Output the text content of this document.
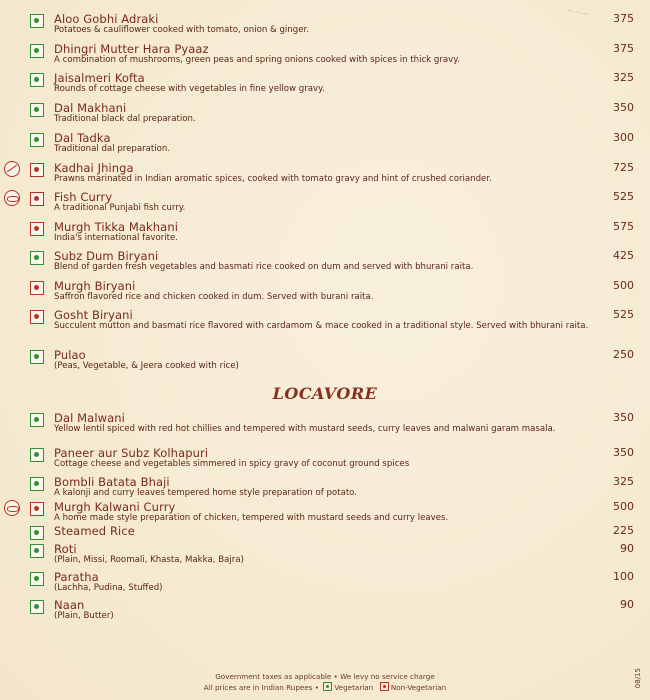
~~~
Aloo Gobhi Adraki
Potatoes & cauliflower cooked with tomato, onion & ginger.
375
Dhingri Mutter Hara Pyaaz
A combination of mushrooms, green peas and spring onions cooked with spices in thick gravy.
375
Jaisalmeri Kofta
Rounds of cottage cheese with vegetables in fine yellow gravy.
325
Dal Makhani
Traditional black dal preparation.
350
Dal Tadka
Traditional dal preparation.
300
Kadhai Jhinga
Prawns marinated in Indian aromatic spices, cooked with tomato gravy and hint of crushed coriander.
725
Fish Curry
A traditional Punjabi fish curry.
525
Murgh Tikka Makhani
India's international favorite.
575
Subz Dum Biryani
Blend of garden fresh vegetables and basmati rice cooked on dum and served with bhurani raita.
425
Murgh Biryani
Saffron flavored rice and chicken cooked in dum. Served with burani raita.
500
Gosht Biryani
Succulent mutton and basmati rice flavored with cardamom & mace cooked in a traditional style. Served with bhurani raita.
525
Pulao
(Peas, Vegetable, & Jeera cooked with rice)
250
LOCAVORE
Dal Malwani
Yellow lentil spiced with red hot chillies and tempered with mustard seeds, curry leaves and malwani garam masala.
350
Paneer aur Subz Kolhapuri
Cottage cheese and vegetables simmered in spicy gravy of coconut ground spices
350
Bombli Batata Bhaji
A kalonji and curry leaves tempered home style preparation of potato.
325
Murgh Kalwani Curry
A home made style preparation of chicken, tempered with mustard seeds and curry leaves.
500
Steamed Rice	225
Roti
(Plain, Missi, Roomali, Khasta, Makka, Bajra)
90
Paratha
(Lachha, Pudina, Stuffed)
100
Naan
(Plain, Butter)
90
Government taxes as applicable • We levy no service charge
All prices are in Indian Rupees • Vegetarian Non-Vegetarian	08/15
